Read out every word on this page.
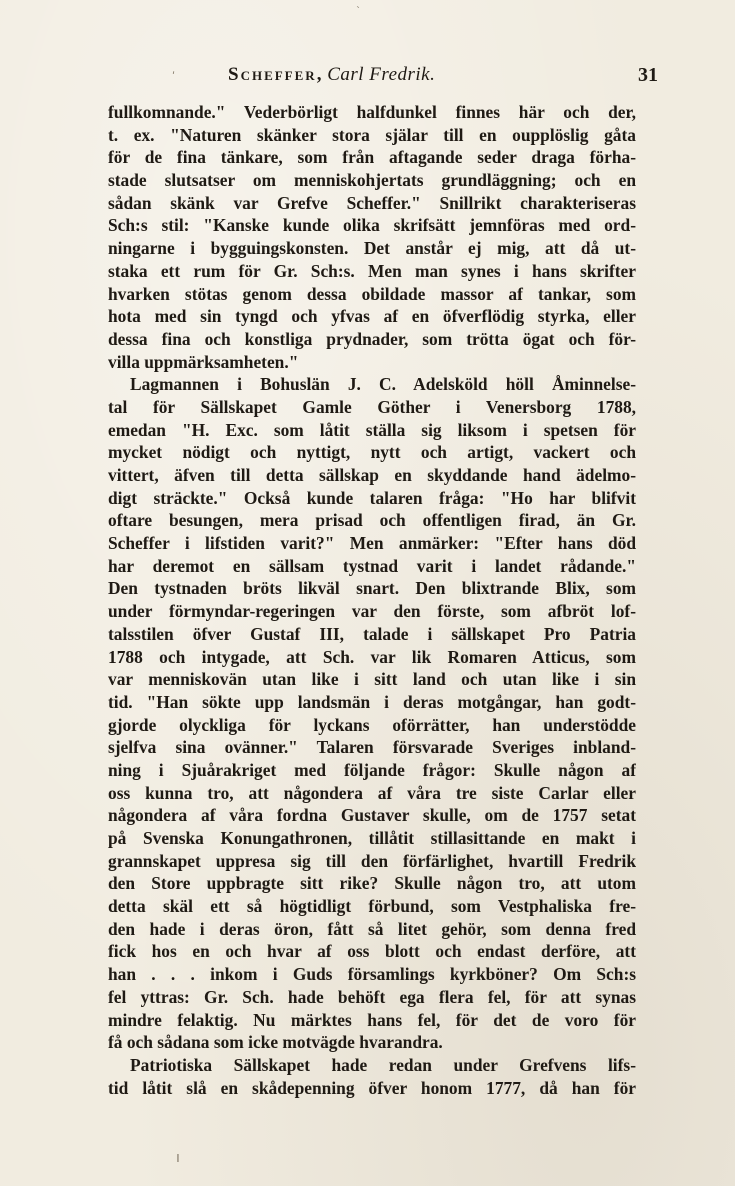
Scheffer, Carl Fredrik.	31
fullkomnande." Vederbörligt halfdunkel finnes här och der,
t. ex. "Naturen skänker stora själar till en oupplöslig gåta
för de fina tänkare, som från aftagande seder draga förha-
stade slutsatser om menniskohjertats grundläggning; och en
sådan skänk var Grefve Scheffer." Snillrikt charakteriseras
Sch:s stil: "Kanske kunde olika skrifsätt jemnföras med ord-
ningarne i bygguingskonsten. Det anstår ej mig, att då ut-
staka ett rum för Gr. Sch:s. Men man synes i hans skrifter
hvarken stötas genom dessa obildade massor af tankar, som
hota med sin tyngd och yfvas af en öfverflödig styrka, eller
dessa fina och konstliga prydnader, som trötta ögat och för-
villa uppmärksamheten."
Lagmannen i Bohuslän J. C. Adelsköld höll Åminnelse-
tal för Sällskapet Gamle Göther i Venersborg 1788,
emedan "H. Exc. som låtit ställa sig liksom i spetsen för
mycket nödigt och nyttigt, nytt och artigt, vackert och
vittert, äfven till detta sällskap en skyddande hand ädelmo-
digt sträckte." Också kunde talaren fråga: "Ho har blifvit
oftare besungen, mera prisad och offentligen firad, än Gr.
Scheffer i lifstiden varit?" Men anmärker: "Efter hans död
har deremot en sällsam tystnad varit i landet rådande."
Den tystnaden bröts likväl snart. Den blixtrande Blix, som
under förmyndar-regeringen var den förste, som afbröt lof-
talsstilen öfver Gustaf III, talade i sällskapet Pro Patria
1788 och intygade, att Sch. var lik Romaren Atticus, som
var menniskovän utan like i sitt land och utan like i sin
tid. "Han sökte upp landsmän i deras motgångar, han godt-
gjorde olyckliga för lyckans oförrätter, han understödde
sjelfva sina ovänner." Talaren försvarade Sveriges inbland-
ning i Sjuårakriget med följande frågor: Skulle någon af
oss kunna tro, att någondera af våra tre siste Carlar eller
någondera af våra fordna Gustaver skulle, om de 1757 setat
på Svenska Konungathronen, tillåtit stillasittande en makt i
grannskapet uppresa sig till den förfärlighet, hvartill Fredrik
den Store uppbragte sitt rike? Skulle någon tro, att utom
detta skäl ett så högtidligt förbund, som Vestphaliska fre-
den hade i deras öron, fått så litet gehör, som denna fred
fick hos en och hvar af oss blott och endast derföre, att
han . . . inkom i Guds församlings kyrkböner? Om Sch:s
fel yttras: Gr. Sch. hade behöft ega flera fel, för att synas
mindre felaktig. Nu märktes hans fel, för det de voro för
få och sådana som icke motvägde hvarandra.
Patriotiska Sällskapet hade redan under Grefvens lifs-
tid låtit slå en skådepenning öfver honom 1777, då han för
ˋ
ʹ
ı
